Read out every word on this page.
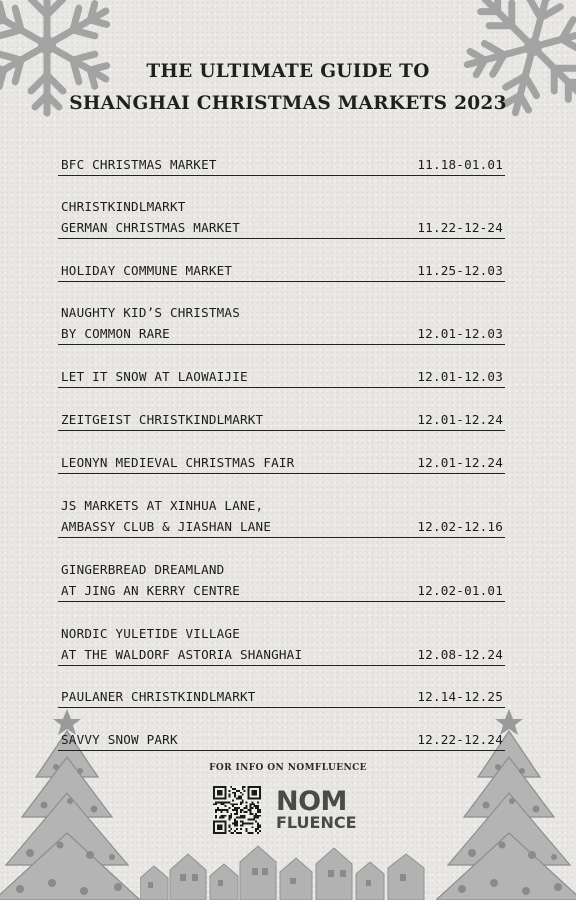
THE ULTIMATE GUIDE TO
SHANGHAI CHRISTMAS MARKETS 2023
BFC CHRISTMAS MARKET	11.18-01.01
CHRISTKINDLMARKT
GERMAN CHRISTMAS MARKET	11.22-12-24
HOLIDAY COMMUNE MARKET	11.25-12.03
NAUGHTY KID’S CHRISTMAS
BY COMMON RARE	12.01-12.03
LET IT SNOW AT LAOWAIJIE	12.01-12.03
ZEITGEIST CHRISTKINDLMARKT	12.01-12.24
LEONYN MEDIEVAL CHRISTMAS FAIR	12.01-12.24
JS MARKETS AT XINHUA LANE,
AMBASSY CLUB & JIASHAN LANE	12.02-12.16
GINGERBREAD DREAMLAND
AT JING AN KERRY CENTRE	12.02-01.01
NORDIC YULETIDE VILLAGE
AT THE WALDORF ASTORIA SHANGHAI	12.08-12.24
PAULANER CHRISTKINDLMARKT	12.14-12.25
SAVVY SNOW PARK	12.22-12.24
FOR INFO ON NOMFLUENCE
NOM
FLUENCE
